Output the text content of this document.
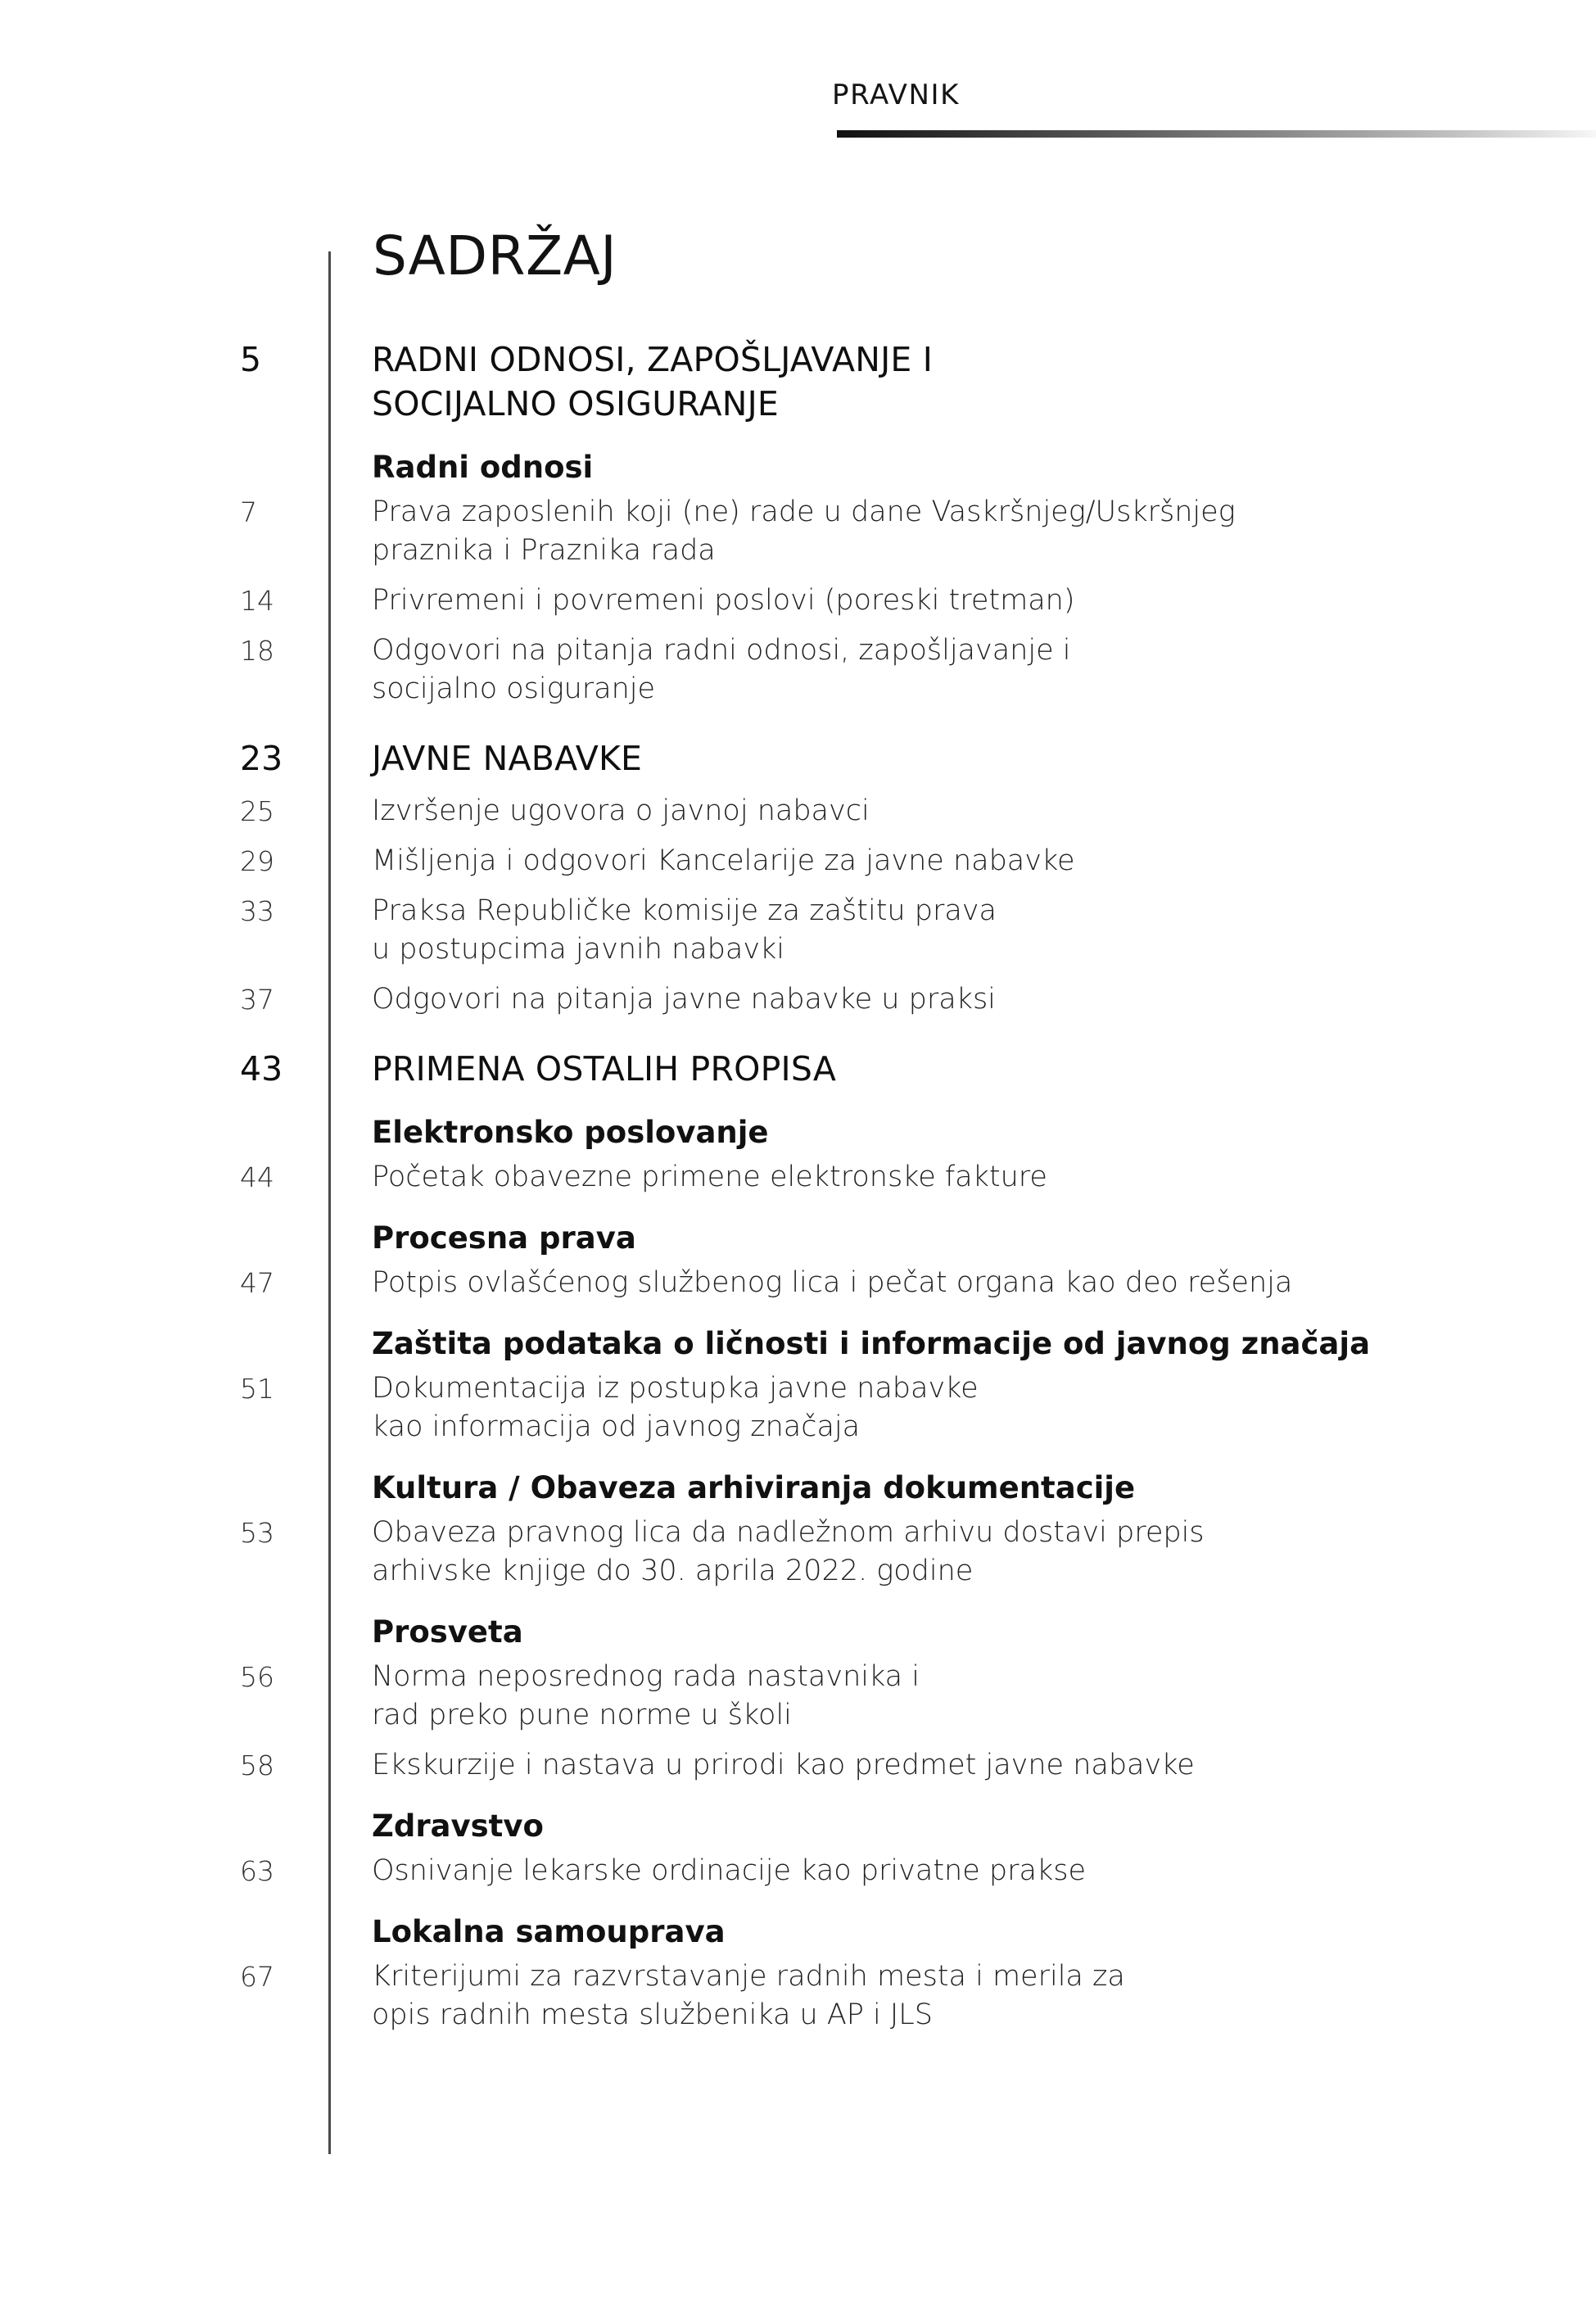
PRAVNIK
SADRŽAJ
5	RADNI ODNOSI, ZAPOŠLJAVANJE I
SOCIJALNO OSIGURANJE
Radni odnosi
7	Prava zaposlenih koji (ne) rade u dane Vaskršnjeg/Uskršnjeg
praznika i Praznika rada
14	Privremeni i povremeni poslovi (poreski tretman)
18	Odgovori na pitanja radni odnosi, zapošljavanje i
socijalno osiguranje
23	JAVNE NABAVKE
25	Izvršenje ugovora o javnoj nabavci
29	Mišljenja i odgovori Kancelarije za javne nabavke
33	Praksa Republičke komisije za zaštitu prava
u postupcima javnih nabavki
37	Odgovori na pitanja javne nabavke u praksi
43	PRIMENA OSTALIH PROPISA
Elektronsko poslovanje
44	Početak obavezne primene elektronske fakture
Procesna prava
47	Potpis ovlašćenog službenog lica i pečat organa kao deo rešenja
Zaštita podataka o ličnosti i informacije od javnog značaja
51	Dokumentacija iz postupka javne nabavke
kao informacija od javnog značaja
Kultura / Obaveza arhiviranja dokumentacije
53	Obaveza pravnog lica da nadležnom arhivu dostavi prepis
arhivske knjige do 30. aprila 2022. godine
Prosveta
56	Norma neposrednog rada nastavnika i
rad preko pune norme u školi
58	Ekskurzije i nastava u prirodi kao predmet javne nabavke
Zdravstvo
63	Osnivanje lekarske ordinacije kao privatne prakse
Lokalna samouprava
67	Kriterijumi za razvrstavanje radnih mesta i merila za
opis radnih mesta službenika u AP i JLS
